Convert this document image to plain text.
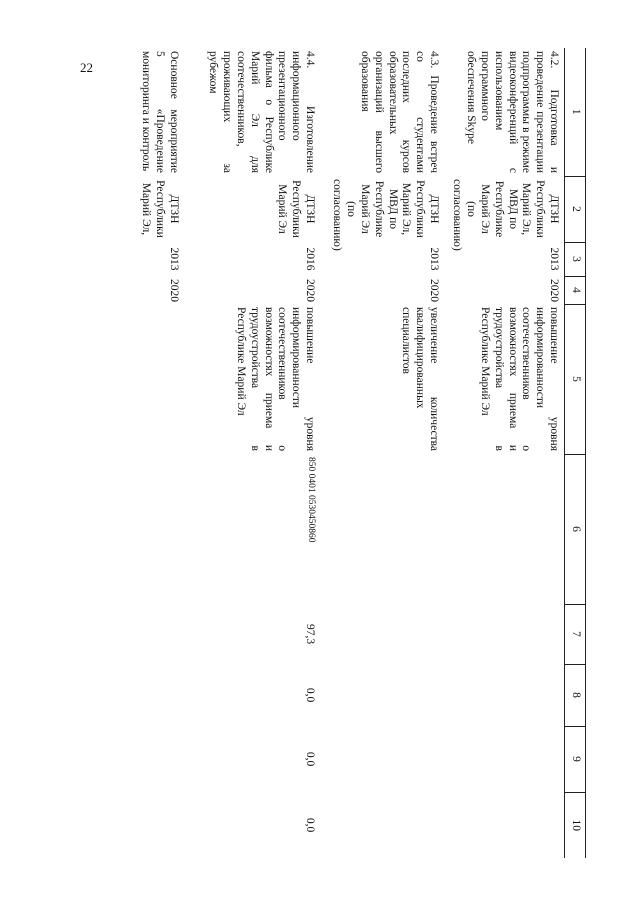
22
1	2	3	4	5	6	7	8	9	10
4.2. Подготовка и проведение презентации подпрограммы в режиме видеоконференций с использованием программного обеспечения Skype	ДТЗН Республики Марий Эл, МВД по Республике Марий Эл (по согласованию)	2013	2020	повышение уровня информированности соотечественников о возможностях приема и трудоустройства в Республике Марий Эл					
4.3. Проведение встреч со студентами последних курсов образовательных организаций высшего образования	ДТЗН Республики Марий Эл, МВД по Республике Марий Эл (по согласованию)	2013	2020	увеличение количества квалифицированных специалистов					
4.4. Изготовление информационного презентационного фильма о Республике Марий Эл для соотечественников, проживающих за рубежом	ДТЗН Республики Марий Эл	2016	2020	повышение уровня информированности соотечественников о возможностях приема и трудоустройства в Республике Марий Эл	850 0401 0530450860	97,3	0,0	0,0	0,0
Основное мероприятие 5 «Проведение мониторинга и контроль	ДТЗН Республики Марий Эл,	2013	2020						
